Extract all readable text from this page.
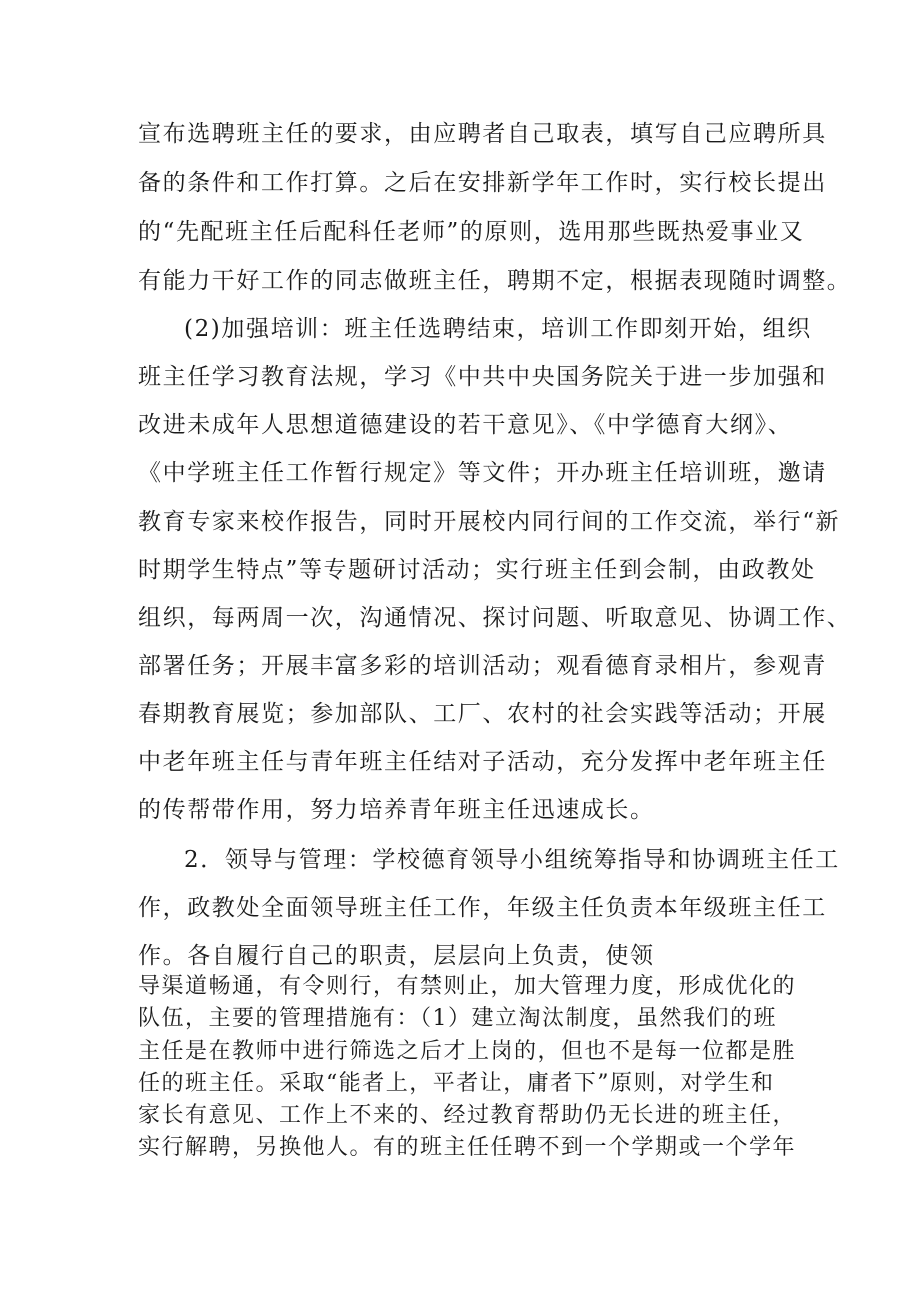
宣布选聘班主任的要求，由应聘者自己取表，填写自己应聘所具
备的条件和工作打算。之后在安排新学年工作时，实行校长提出
的“先配班主任后配科任老师”的原则，选用那些既热爱事业又
有能力干好工作的同志做班主任，聘期不定，根据表现随时调整。
(2)加强培训：班主任选聘结束，培训工作即刻开始，组织
班主任学习教育法规，学习《中共中央国务院关于进一步加强和
改进未成年人思想道德建设的若干意见》、《中学德育大纲》、
《中学班主任工作暂行规定》等文件；开办班主任培训班，邀请
教育专家来校作报告，同时开展校内同行间的工作交流，举行“新
时期学生特点”等专题研讨活动；实行班主任到会制，由政教处
组织，每两周一次，沟通情况、探讨问题、听取意见、协调工作、
部署任务；开展丰富多彩的培训活动；观看德育录相片，参观青
春期教育展览；参加部队、工厂、农村的社会实践等活动；开展
中老年班主任与青年班主任结对子活动，充分发挥中老年班主任
的传帮带作用，努力培养青年班主任迅速成长。
2．领导与管理：学校德育领导小组统筹指导和协调班主任工
作，政教处全面领导班主任工作，年级主任负责本年级班主任工
作。各自履行自己的职责，层层向上负责，使领
导渠道畅通，有令则行，有禁则止，加大管理力度，形成优化的
队伍，主要的管理措施有：（1）建立淘汰制度，虽然我们的班
主任是在教师中进行筛选之后才上岗的，但也不是每一位都是胜
任的班主任。采取“能者上，平者让，庸者下”原则，对学生和
家长有意见、工作上不来的、经过教育帮助仍无长进的班主任，
实行解聘，另换他人。有的班主任任聘不到一个学期或一个学年
